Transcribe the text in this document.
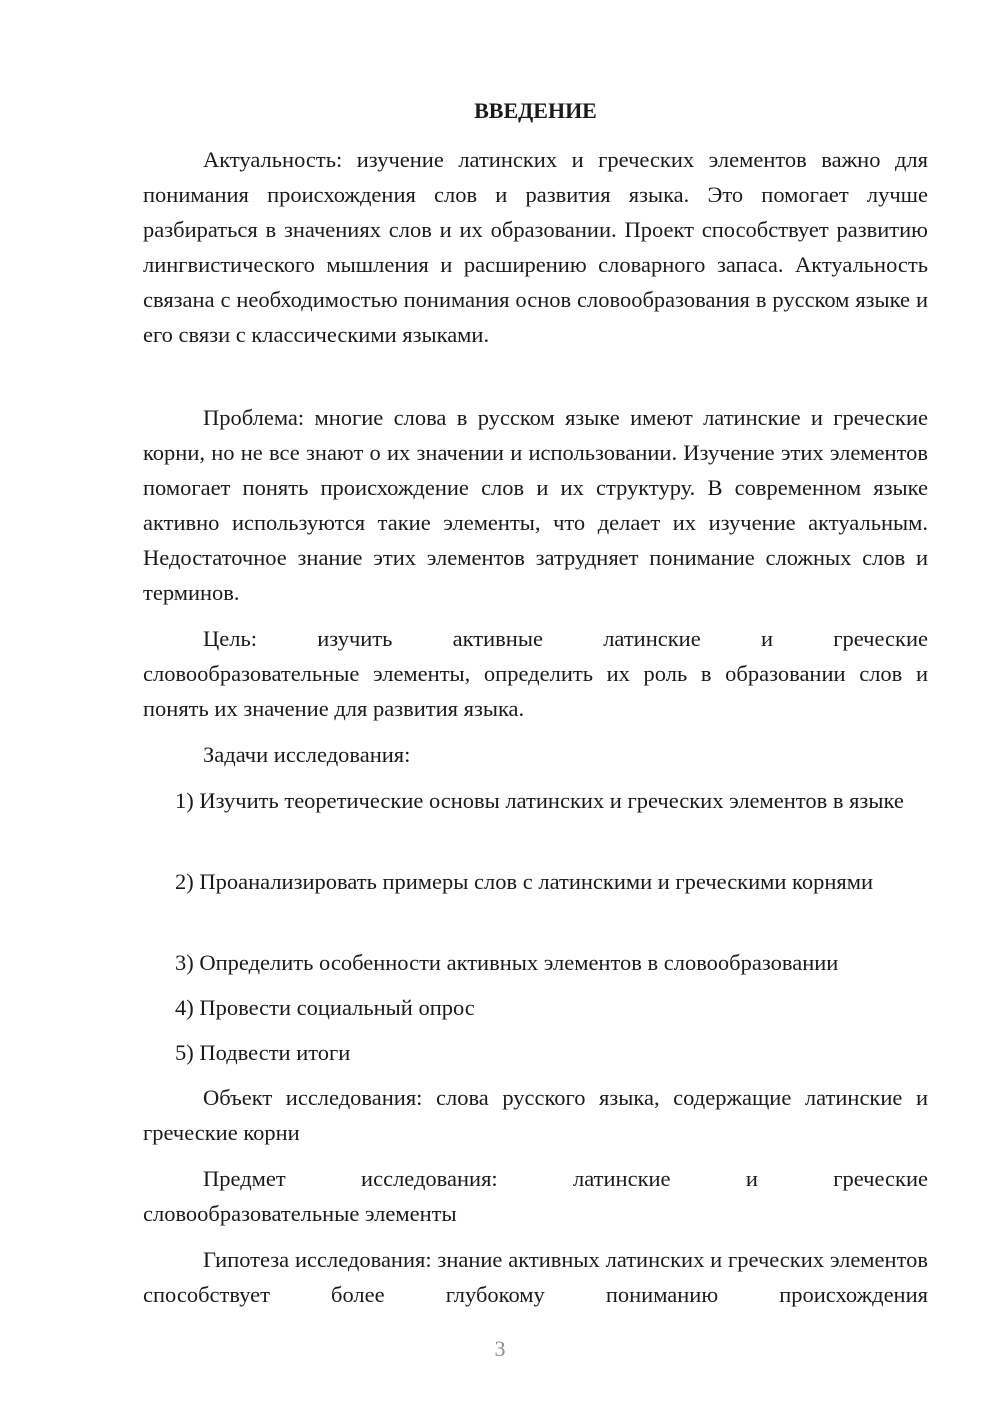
ВВЕДЕНИЕ
Актуальность: изучение латинских и греческих элементов важно для понимания происхождения слов и развития языка. Это помогает лучше разбираться в значениях слов и их образовании. Проект способствует развитию лингвистического мышления и расширению словарного запаса. Актуальность связана с необходимостью понимания основ словообразования в русском языке и его связи с классическими языками.
Проблема: многие слова в русском языке имеют латинские и греческие корни, но не все знают о их значении и использовании. Изучение этих элементов помогает понять происхождение слов и их структуру. В современном языке активно используются такие элементы, что делает их изучение актуальным. Недостаточное знание этих элементов затрудняет понимание сложных слов и терминов.
Цель: изучить активные латинские и греческие
словообразовательные элементы, определить их роль в образовании слов и понять их значение для развития языка.
Задачи исследования:
1) Изучить теоретические основы латинских и греческих элементов в языке
2) Проанализировать примеры слов с латинскими и греческими корнями
3) Определить особенности активных элементов в словообразовании
4) Провести социальный опрос
5) Подвести итоги
Объект исследования: слова русского языка, содержащие латинские и греческие корни
Предмет исследования: латинские и греческие
словообразовательные элементы
Гипотеза исследования: знание активных латинских и греческих элементов способствует более глубокому пониманию происхождения
3
